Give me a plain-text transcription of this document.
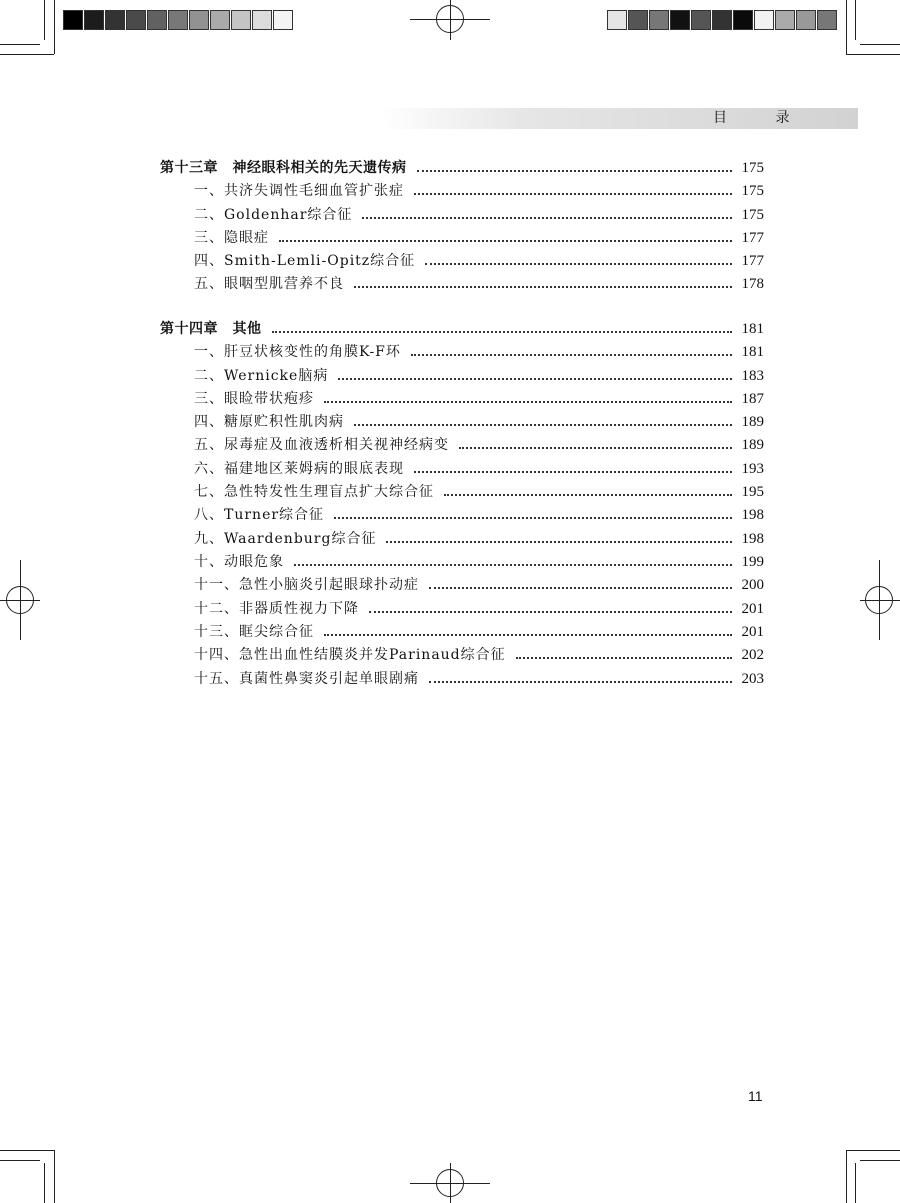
目 录
第十三章　神经眼科相关的先天遗传病	175
一、共济失调性毛细血管扩张症	175
二、Goldenhar综合征	175
三、隐眼症	177
四、Smith-Lemli-Opitz综合征	177
五、眼咽型肌营养不良	178
第十四章　其他	181
一、肝豆状核变性的角膜K-F环	181
二、Wernicke脑病	183
三、眼睑带状疱疹	187
四、糖原贮积性肌肉病	189
五、尿毒症及血液透析相关视神经病变	189
六、福建地区莱姆病的眼底表现	193
七、急性特发性生理盲点扩大综合征	195
八、Turner综合征	198
九、Waardenburg综合征	198
十、动眼危象	199
十一、急性小脑炎引起眼球扑动症	200
十二、非器质性视力下降	201
十三、眶尖综合征	201
十四、急性出血性结膜炎并发Parinaud综合征	202
十五、真菌性鼻窦炎引起单眼剧痛	203
11
